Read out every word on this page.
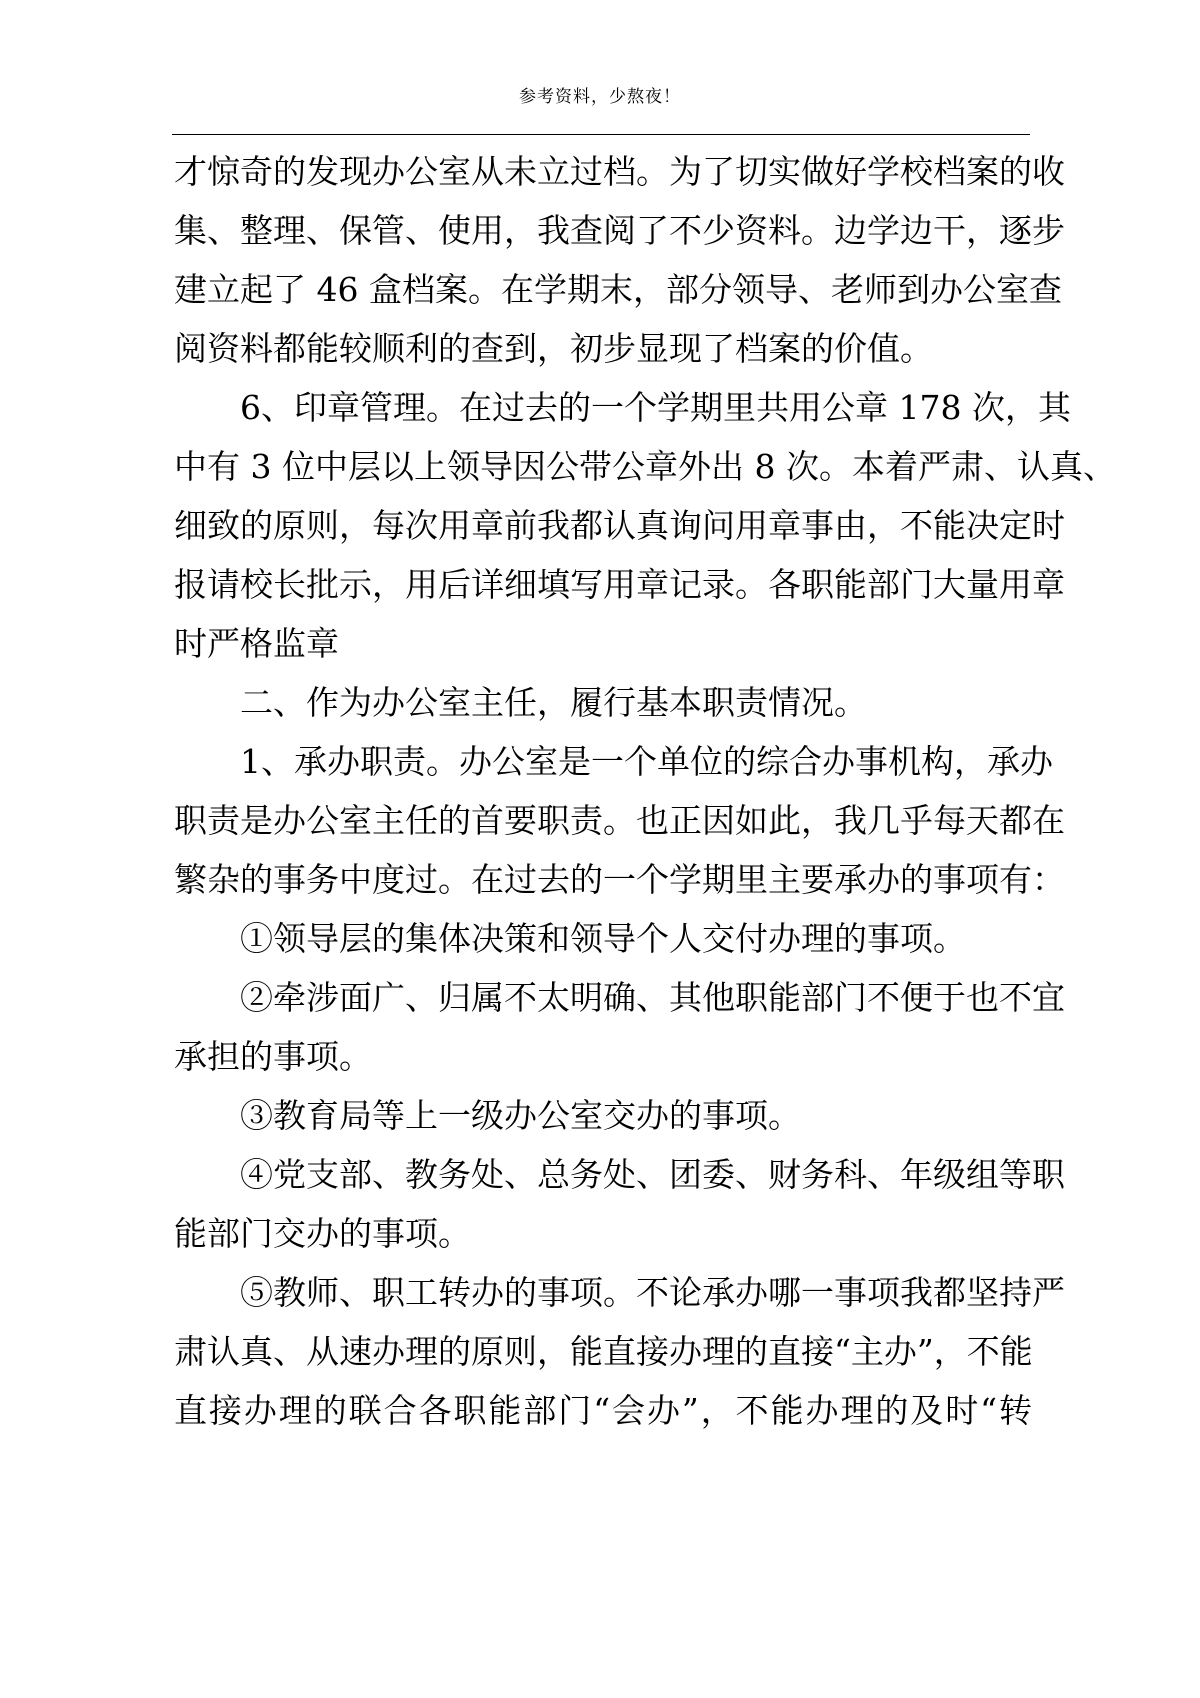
参考资料，少熬夜！
才惊奇的发现办公室从未立过档。为了切实做好学校档案的收
集、整理、保管、使用，我查阅了不少资料。边学边干，逐步
建立起了 46 盒档案。在学期末，部分领导、老师到办公室查
阅资料都能较顺利的查到，初步显现了档案的价值。
6、印章管理。在过去的一个学期里共用公章 178 次，其
中有 3 位中层以上领导因公带公章外出 8 次。本着严肃、认真、
细致的原则，每次用章前我都认真询问用章事由，不能决定时
报请校长批示，用后详细填写用章记录。各职能部门大量用章
时严格监章
二、作为办公室主任，履行基本职责情况。
1、承办职责。办公室是一个单位的综合办事机构，承办
职责是办公室主任的首要职责。也正因如此，我几乎每天都在
繁杂的事务中度过。在过去的一个学期里主要承办的事项有：
①领导层的集体决策和领导个人交付办理的事项。
②牵涉面广、归属不太明确、其他职能部门不便于也不宜
承担的事项。
③教育局等上一级办公室交办的事项。
④党支部、教务处、总务处、团委、财务科、年级组等职
能部门交办的事项。
⑤教师、职工转办的事项。不论承办哪一事项我都坚持严
肃认真、从速办理的原则，能直接办理的直接“主办”，不能
直接办理的联合各职能部门“会办”，不能办理的及时“转
